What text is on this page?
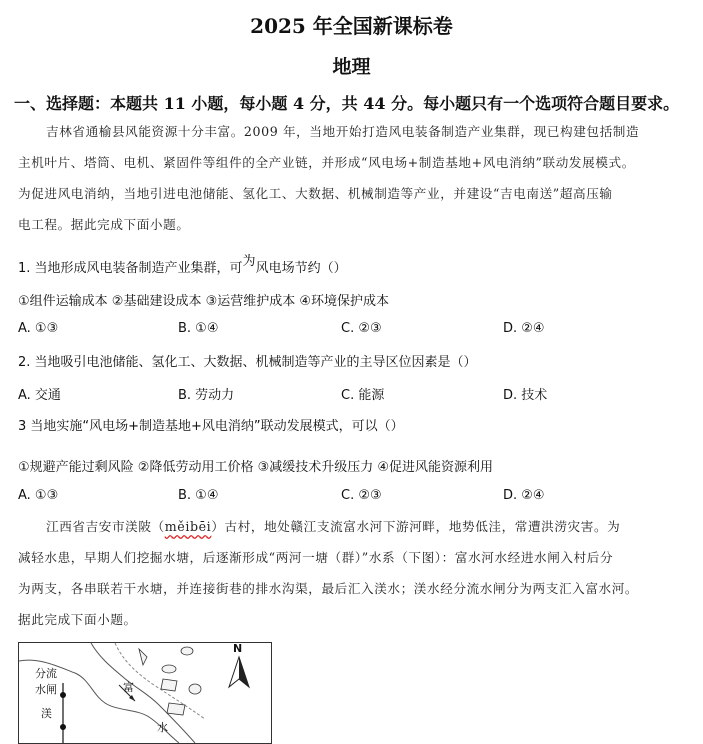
2025 年全国新课标卷
地理
一、选择题：本题共 11 小题，每小题 4 分，共 44 分。每小题只有一个选项符合题目要求。
吉林省通榆县风能资源十分丰富。2009 年，当地开始打造风电装备制造产业集群，现已构建包括制造
主机叶片、塔筒、电机、紧固件等组件的全产业链，并形成“风电场+制造基地+风电消纳”联动发展模式。
为促进风电消纳，当地引进电池储能、氢化工、大数据、机械制造等产业，并建设“吉电南送”超高压输
电工程。据此完成下面小题。
1. 当地形成风电装备制造产业集群，可为风电场节约（）
①组件运输成本 ②基础建设成本 ③运营维护成本 ④环境保护成本
A. ①③	B. ①④	C. ②③	D. ②④
2. 当地吸引电池储能、氢化工、大数据、机械制造等产业的主导区位因素是（）
A. 交通	B. 劳动力	C. 能源	D. 技术
3 当地实施“风电场+制造基地+风电消纳”联动发展模式，可以（）
①规避产能过剩风险 ②降低劳动用工价格 ③减缓技术升级压力 ④促进风能资源利用
A. ①③	B. ①④	C. ②③	D. ②④
江西省吉安市渼陂（měibēi）古村，地处赣江支流富水河下游河畔，地势低洼，常遭洪涝灾害。为
减轻水患，早期人们挖掘水塘，后逐渐形成“两河一塘（群）”水系（下图）：富水河水经进水闸入村后分
为两支，各串联若干水塘，并连接街巷的排水沟渠，最后汇入渼水；渼水经分流水闸分为两支汇入富水河。
据此完成下面小题。
分流
水闸
渼
富
水
N
